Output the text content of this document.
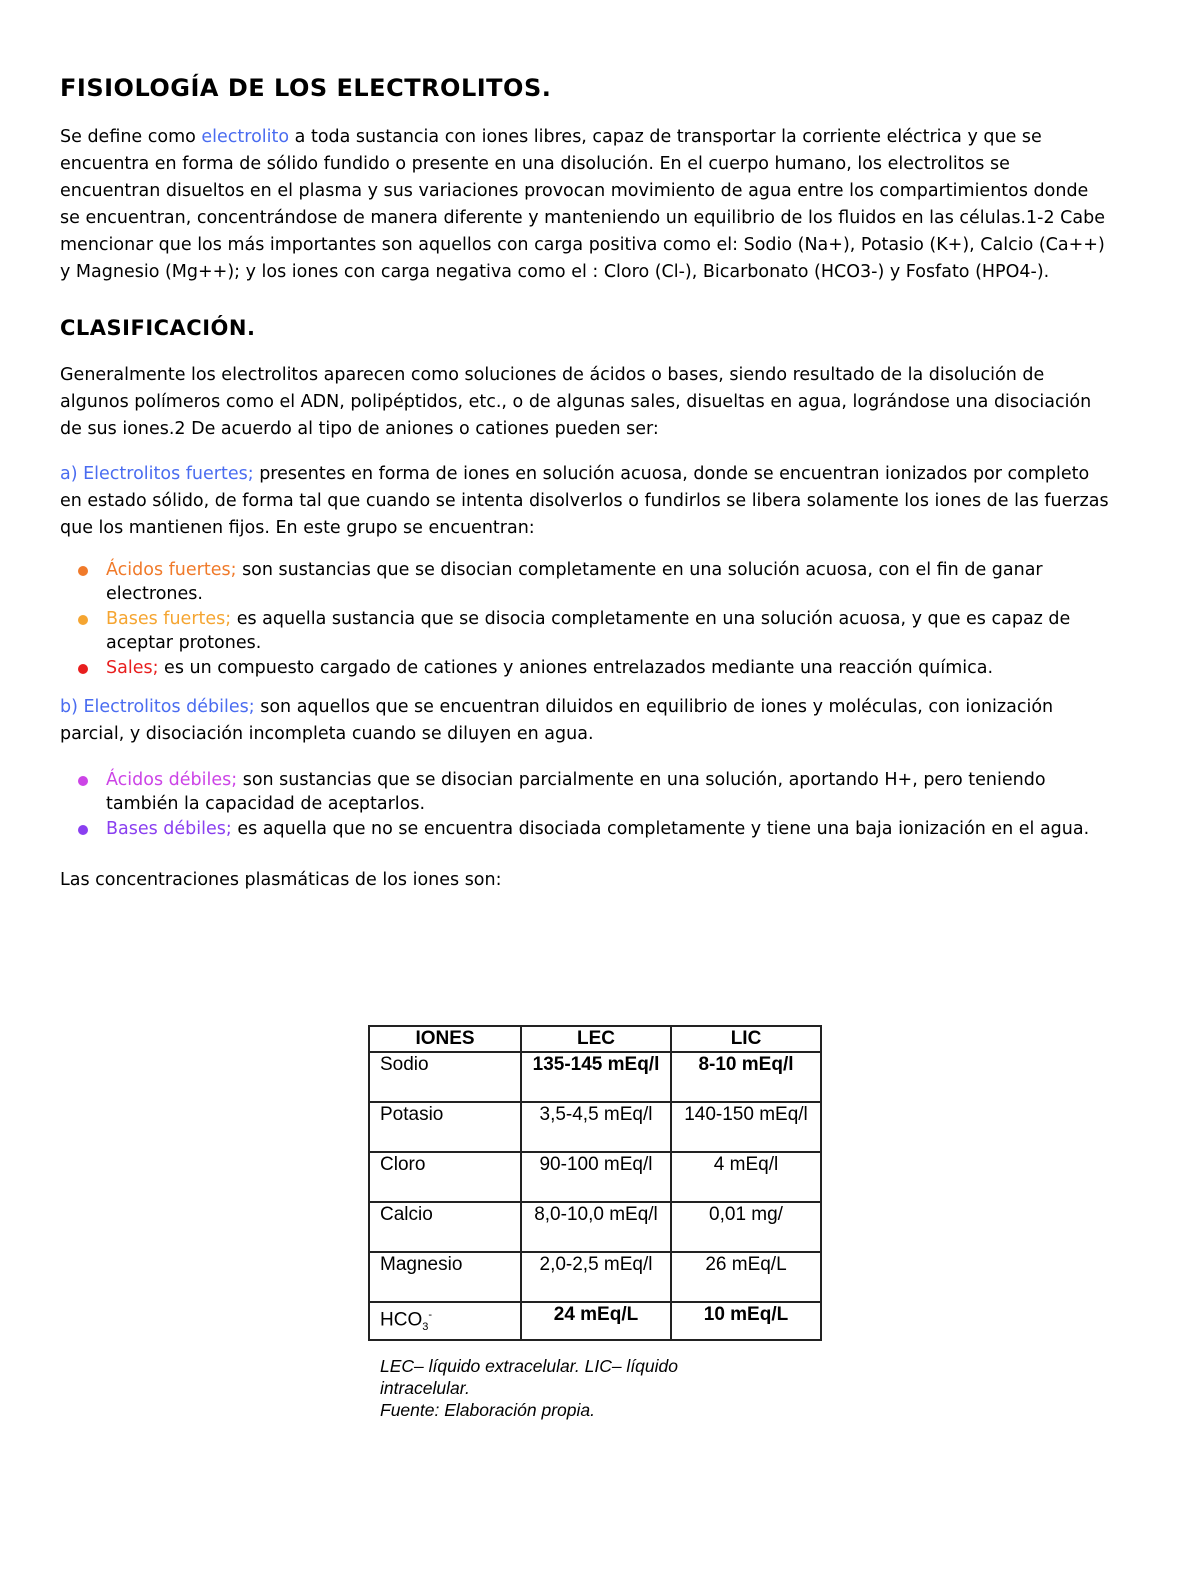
FISIOLOGÍA DE LOS ELECTROLITOS.

Se define como electrolito a toda sustancia con iones libres, capaz de transportar la corriente eléctrica y que se encuentra en forma de sólido fundido o presente en una disolución. En el cuerpo humano, los electrolitos se encuentran disueltos en el plasma y sus variaciones provocan movimiento de agua entre los compartimientos donde se encuentran, concentrándose de manera diferente y manteniendo un equilibrio de los fluidos en las células.1-2 Cabe mencionar que los más importantes son aquellos con carga positiva como el: Sodio (Na+), Potasio (K+), Calcio (Ca++) y Magnesio (Mg++); y los iones con carga negativa como el : Cloro (Cl-), Bicarbonato (HCO3-) y Fosfato (HPO4-).

CLASIFICACIÓN.

Generalmente los electrolitos aparecen como soluciones de ácidos o bases, siendo resultado de la disolución de algunos polímeros como el ADN, polipéptidos, etc., o de algunas sales, disueltas en agua, lográndose una disociación de sus iones.2 De acuerdo al tipo de aniones o cationes pueden ser:

a) Electrolitos fuertes; presentes en forma de iones en solución acuosa, donde se encuentran ionizados por completo en estado sólido, de forma tal que cuando se intenta disolverlos o fundirlos se libera solamente los iones de las fuerzas que los mantienen fijos. En este grupo se encuentran:

Ácidos fuertes; son sustancias que se disocian completamente en una solución acuosa, con el fin de ganar electrones.
Bases fuertes; es aquella sustancia que se disocia completamente en una solución acuosa, y que es capaz de aceptar protones.
Sales; es un compuesto cargado de cationes y aniones entrelazados mediante una reacción química.

b) Electrolitos débiles; son aquellos que se encuentran diluidos en equilibrio de iones y moléculas, con ionización parcial, y disociación incompleta cuando se diluyen en agua.

Ácidos débiles; son sustancias que se disocian parcialmente en una solución, aportando H+, pero teniendo también la capacidad de aceptarlos.
Bases débiles; es aquella que no se encuentra disociada completamente y tiene una baja ionización en el agua.

Las concentraciones plasmáticas de los iones son:

IONES	LEC	LIC
Sodio	135-145 mEq/l	8-10 mEq/l
Potasio	3,5-4,5 mEq/l	140-150 mEq/l
Cloro	90-100 mEq/l	4 mEq/l
Calcio	8,0-10,0 mEq/l	0,01 mg/
Magnesio	2,0-2,5 mEq/l	26 mEq/L
$HCO_3^-$	24 mEq/L	10 mEq/L
LEC– líquido extracelular. LIC– líquido intracelular.
Fuente: Elaboración propia.
